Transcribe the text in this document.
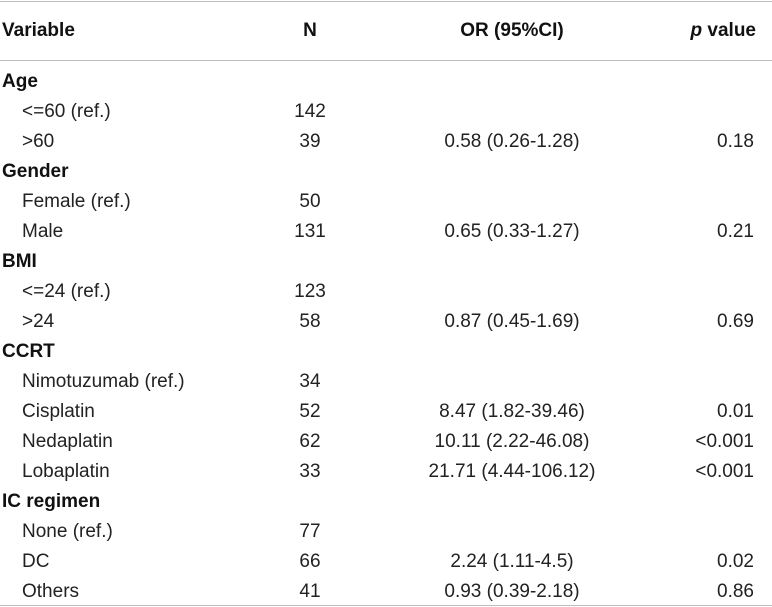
Variable	N	OR (95%CI)	p value
Age
<=60 (ref.)	142
>60	39	0.58 (0.26-1.28)	0.18
Gender
Female (ref.)	50
Male	131	0.65 (0.33-1.27)	0.21
BMI
<=24 (ref.)	123
>24	58	0.87 (0.45-1.69)	0.69
CCRT
Nimotuzumab (ref.)	34
Cisplatin	52	8.47 (1.82-39.46)	0.01
Nedaplatin	62	10.11 (2.22-46.08)	<0.001
Lobaplatin	33	21.71 (4.44-106.12)	<0.001
IC regimen
None (ref.)	77
DC	66	2.24 (1.11-4.5)	0.02
Others	41	0.93 (0.39-2.18)	0.86
